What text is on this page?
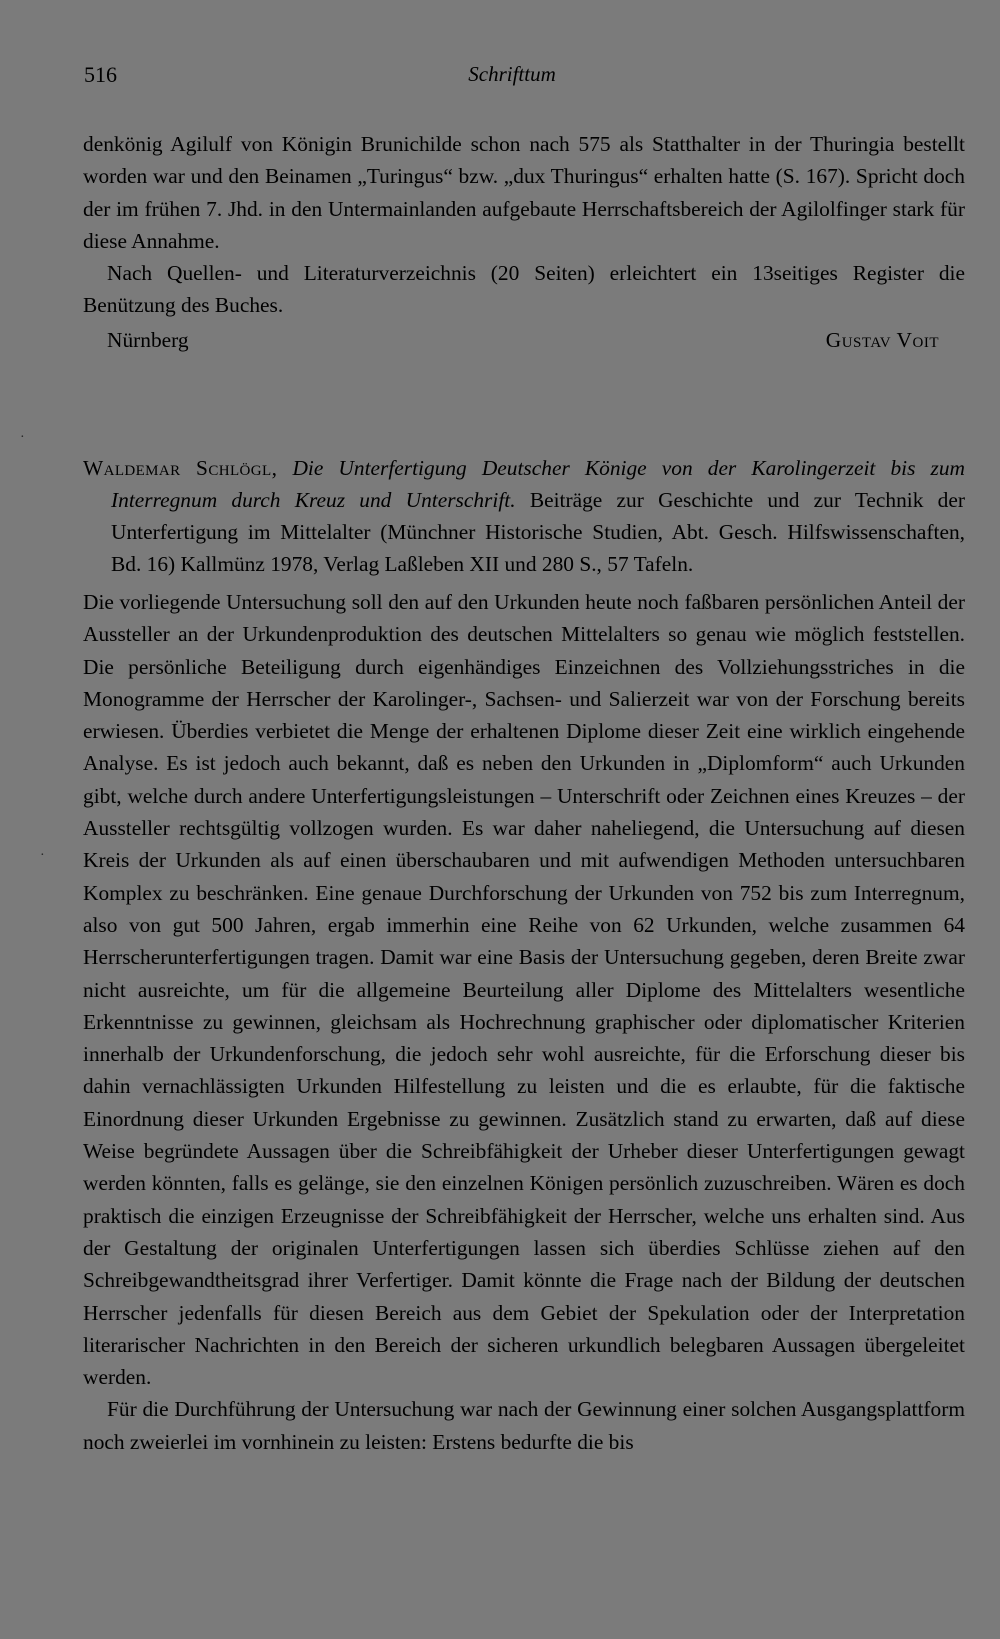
516	Schrifttum

denkönig Agilulf von Königin Brunichilde schon nach 575 als Statthalter in der Thuringia bestellt worden war und den Beinamen „Turingus“ bzw. „dux Thuringus“ erhalten hatte (S. 167). Spricht doch der im frühen 7. Jhd. in den Untermainlanden aufgebaute Herrschaftsbereich der Agilolfinger stark für diese Annahme.

Nach Quellen- und Literaturverzeichnis (20 Seiten) erleichtert ein 13seitiges Register die Benützung des Buches.

Nürnberg	Gustav Voit
·

Waldemar Schlögl, Die Unterfertigung Deutscher Könige von der Karolingerzeit bis zum Interregnum durch Kreuz und Unterschrift. Beiträge zur Geschichte und zur Technik der Unterfertigung im Mittelalter (Münchner Historische Studien, Abt. Gesch. Hilfswissenschaften, Bd. 16) Kallmünz 1978, Verlag Laßleben XII und 280 S., 57 Tafeln.

Die vorliegende Untersuchung soll den auf den Urkunden heute noch faßbaren persönlichen Anteil der Aussteller an der Urkundenproduktion des deutschen Mittelalters so genau wie möglich feststellen. Die persönliche Beteiligung durch eigenhändiges Einzeichnen des Vollziehungsstriches in die Monogramme der Herrscher der Karolinger-, Sachsen- und Salierzeit war von der Forschung bereits erwiesen. Überdies verbietet die Menge der erhaltenen Diplome dieser Zeit eine wirklich eingehende Analyse. Es ist jedoch auch bekannt, daß es neben den Urkunden in „Diplomform“ auch Urkunden gibt, welche durch andere Unterfertigungsleistungen – Unterschrift oder Zeichnen eines Kreuzes – der Aussteller rechtsgültig vollzogen wurden. Es war daher naheliegend, die Untersuchung auf diesen Kreis der Urkunden als auf einen überschaubaren und mit aufwendigen Methoden untersuchbaren Komplex zu beschränken. Eine genaue Durchforschung der Urkunden von 752 bis zum Interregnum, also von gut 500 Jahren, ergab immerhin eine Reihe von 62 Urkunden, welche zusammen 64 Herrscherunterfertigungen tragen. Damit war eine Basis der Untersuchung gegeben, deren Breite zwar nicht ausreichte, um für die allgemeine Beurteilung aller Diplome des Mittelalters wesentliche Erkenntnisse zu gewinnen, gleichsam als Hochrechnung graphischer oder diplomatischer Kriterien innerhalb der Urkundenforschung, die jedoch sehr wohl ausreichte, für die Erforschung dieser bis dahin vernachlässigten Urkunden Hilfestellung zu leisten und die es erlaubte, für die faktische Einordnung dieser Urkunden Ergebnisse zu gewinnen. Zusätzlich stand zu erwarten, daß auf diese Weise begründete Aussagen über die Schreibfähigkeit der Urheber dieser Unterfertigungen gewagt werden könnten, falls es gelänge, sie den einzelnen Königen persönlich zuzuschreiben. Wären es doch praktisch die einzigen Erzeugnisse der Schreibfähigkeit der Herrscher, welche uns erhalten sind. Aus der Gestaltung der originalen Unterfertigungen lassen sich überdies Schlüsse ziehen auf den Schreibgewandtheitsgrad ihrer Verfertiger. Damit könnte die Frage nach der Bildung der deutschen Herrscher jedenfalls für diesen Bereich aus dem Gebiet der Spekulation oder der Interpretation literarischer Nachrichten in den Bereich der sicheren urkundlich belegbaren Aussagen übergeleitet werden.

Für die Durchführung der Untersuchung war nach der Gewinnung einer solchen Ausgangsplattform noch zweierlei im vornhinein zu leisten: Erstens bedurfte die bis

·
